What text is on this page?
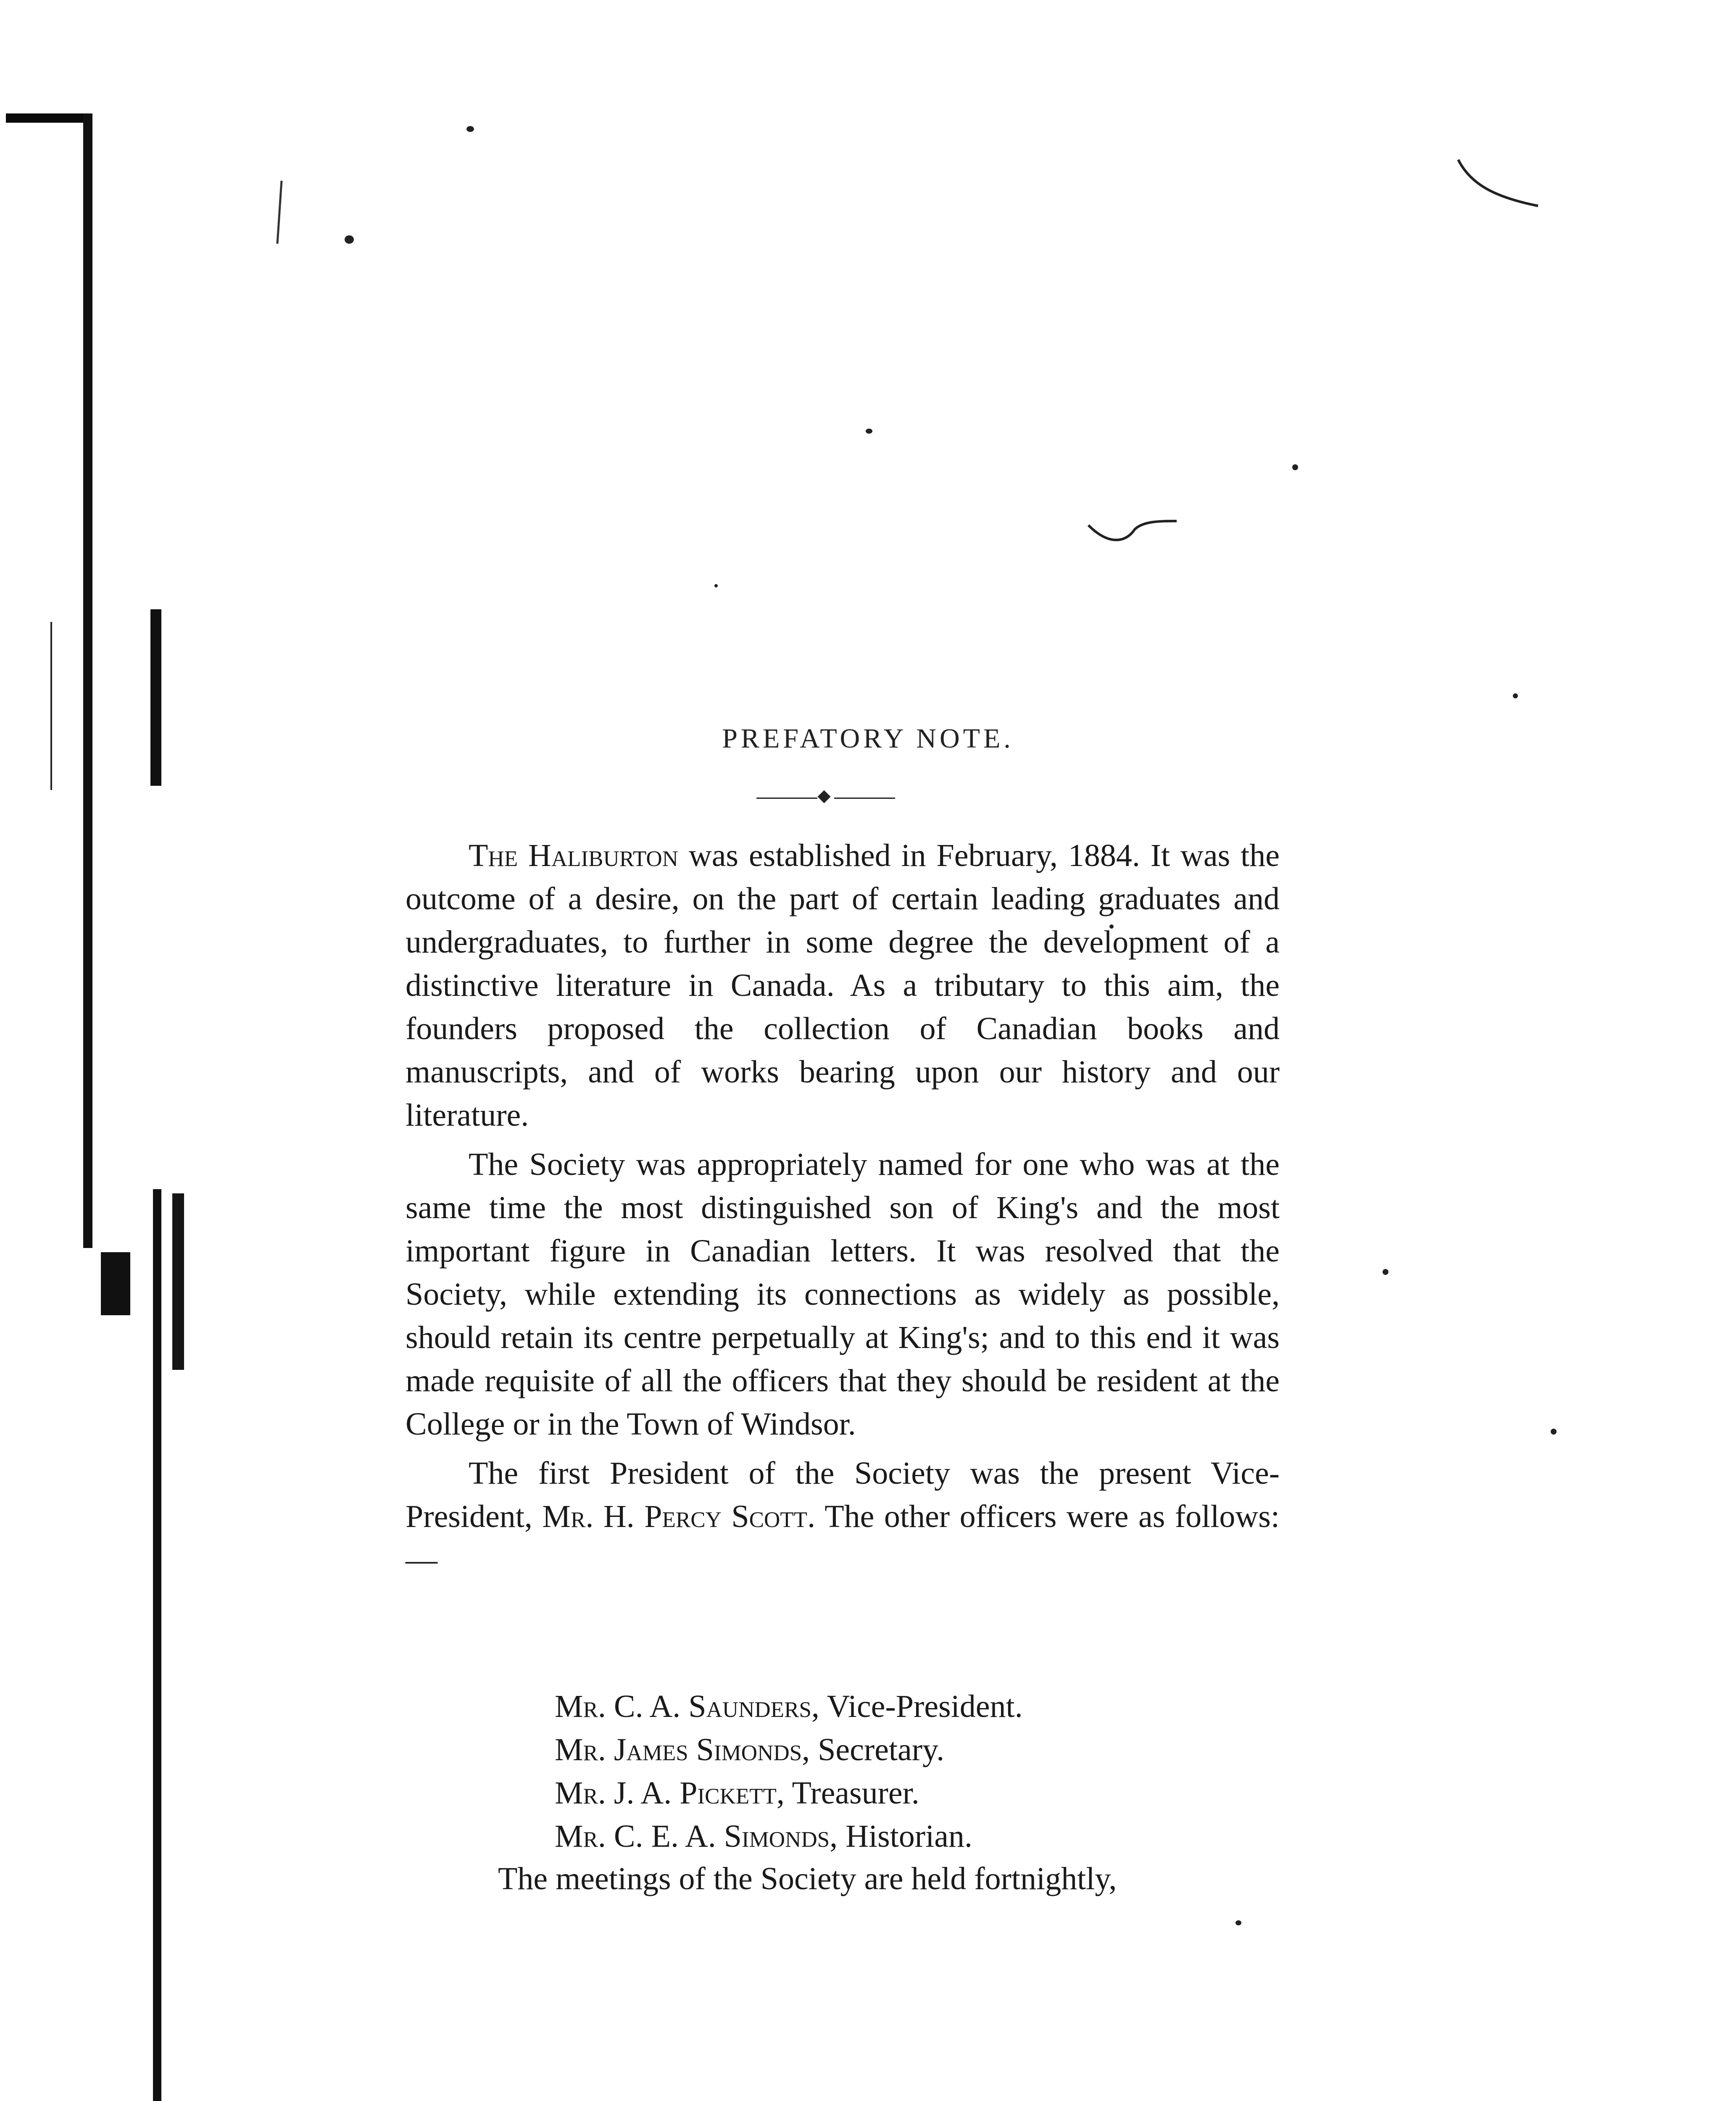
PREFATORY NOTE.

The Haliburton was established in February, 1884. It was the outcome of a desire, on the part of certain leading graduates and undergraduates, to further in some degree the development of a distinctive literature in Canada. As a tributary to this aim, the founders proposed the collection of Canadian books and manuscripts, and of works bearing upon our history and our literature.

The Society was appropriately named for one who was at the same time the most distinguished son of King's and the most important figure in Canadian letters. It was resolved that the Society, while extending its connections as widely as possible, should retain its centre perpetually at King's; and to this end it was made requisite of all the officers that they should be resident at the College or in the Town of Windsor.

The first President of the Society was the present Vice-President, Mr. H. Percy Scott. The other officers were as follows:—

Mr. C. A. Saunders, Vice-President.
Mr. James Simonds, Secretary.
Mr. J. A. Pickett, Treasurer.
Mr. C. E. A. Simonds, Historian.
The meetings of the Society are held fortnightly,
